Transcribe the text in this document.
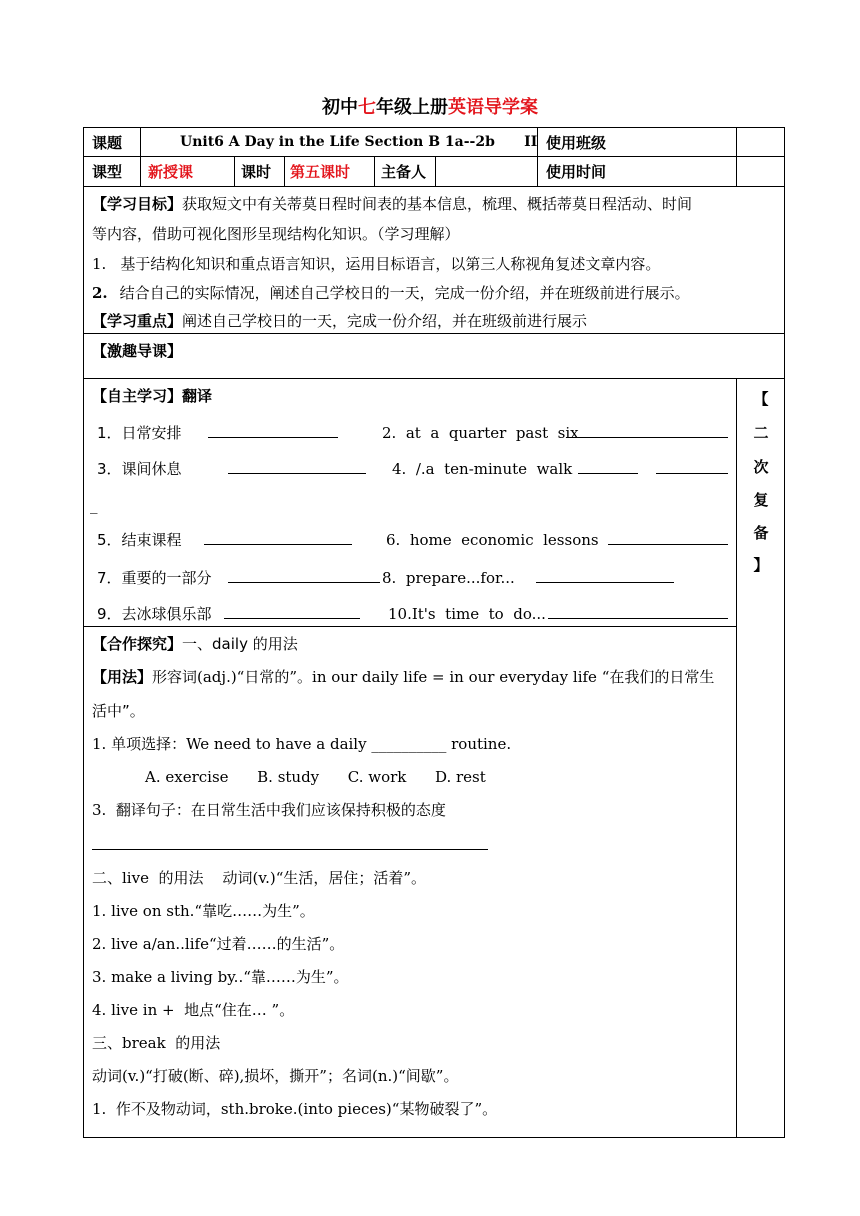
初中七年级上册英语导学案
课题	Unit6 A Day in the Life Section B 1a--2b      II 使用班级
课型 新授课	课时 第五课时 主备人	使用时间
【学习目标】获取短文中有关蒂莫日程时间表的基本信息，梳理、概括蒂莫日程活动、时间
等内容，借助可视化图形呈现结构化知识。（学习理解）
1. 基于结构化知识和重点语言知识，运用目标语言，以第三人称视角复述文章内容。
2. 结合自己的实际情况，阐述自己学校日的一天，完成一份介绍，并在班级前进行展示。
【学习重点】阐述自己学校日的一天，完成一份介绍，并在班级前进行展示
【激趣导课】
【自主学习】翻译
1．日常安排	2.  at  a  quarter  past  six
3．课间休息	4.  /.a  ten-minute  walk
_
5．结束课程	6.  home  economic  lessons
7．重要的一部分	8.  prepare...for...
9．去冰球俱乐部	10.It's  time  to  do...
【
二
次
复
备
】
【合作探究】一、daily 的用法
【用法】形容词(adj.)“日常的”。in our daily life = in our everyday life “在我们的日常生
活中”。
1. 单项选择：We need to have a daily __________ routine.
A. exercise      B. study      C. work      D. rest
3.  翻译句子：在日常生活中我们应该保持积极的态度
二、live  的用法    动词(v.)“生活，居住；活着”。
1. live on sth.“靠吃……为生”。
2. live a/an..life“过着……的生活”。
3. make a living by..“靠……为生”。
4. live in +  地点“住在… ”。
三、break  的用法
动词(v.)“打破(断、碎),损坏，撕开”；名词(n.)“间歇”。
1.  作不及物动词，sth.broke.(into pieces)“某物破裂了”。
